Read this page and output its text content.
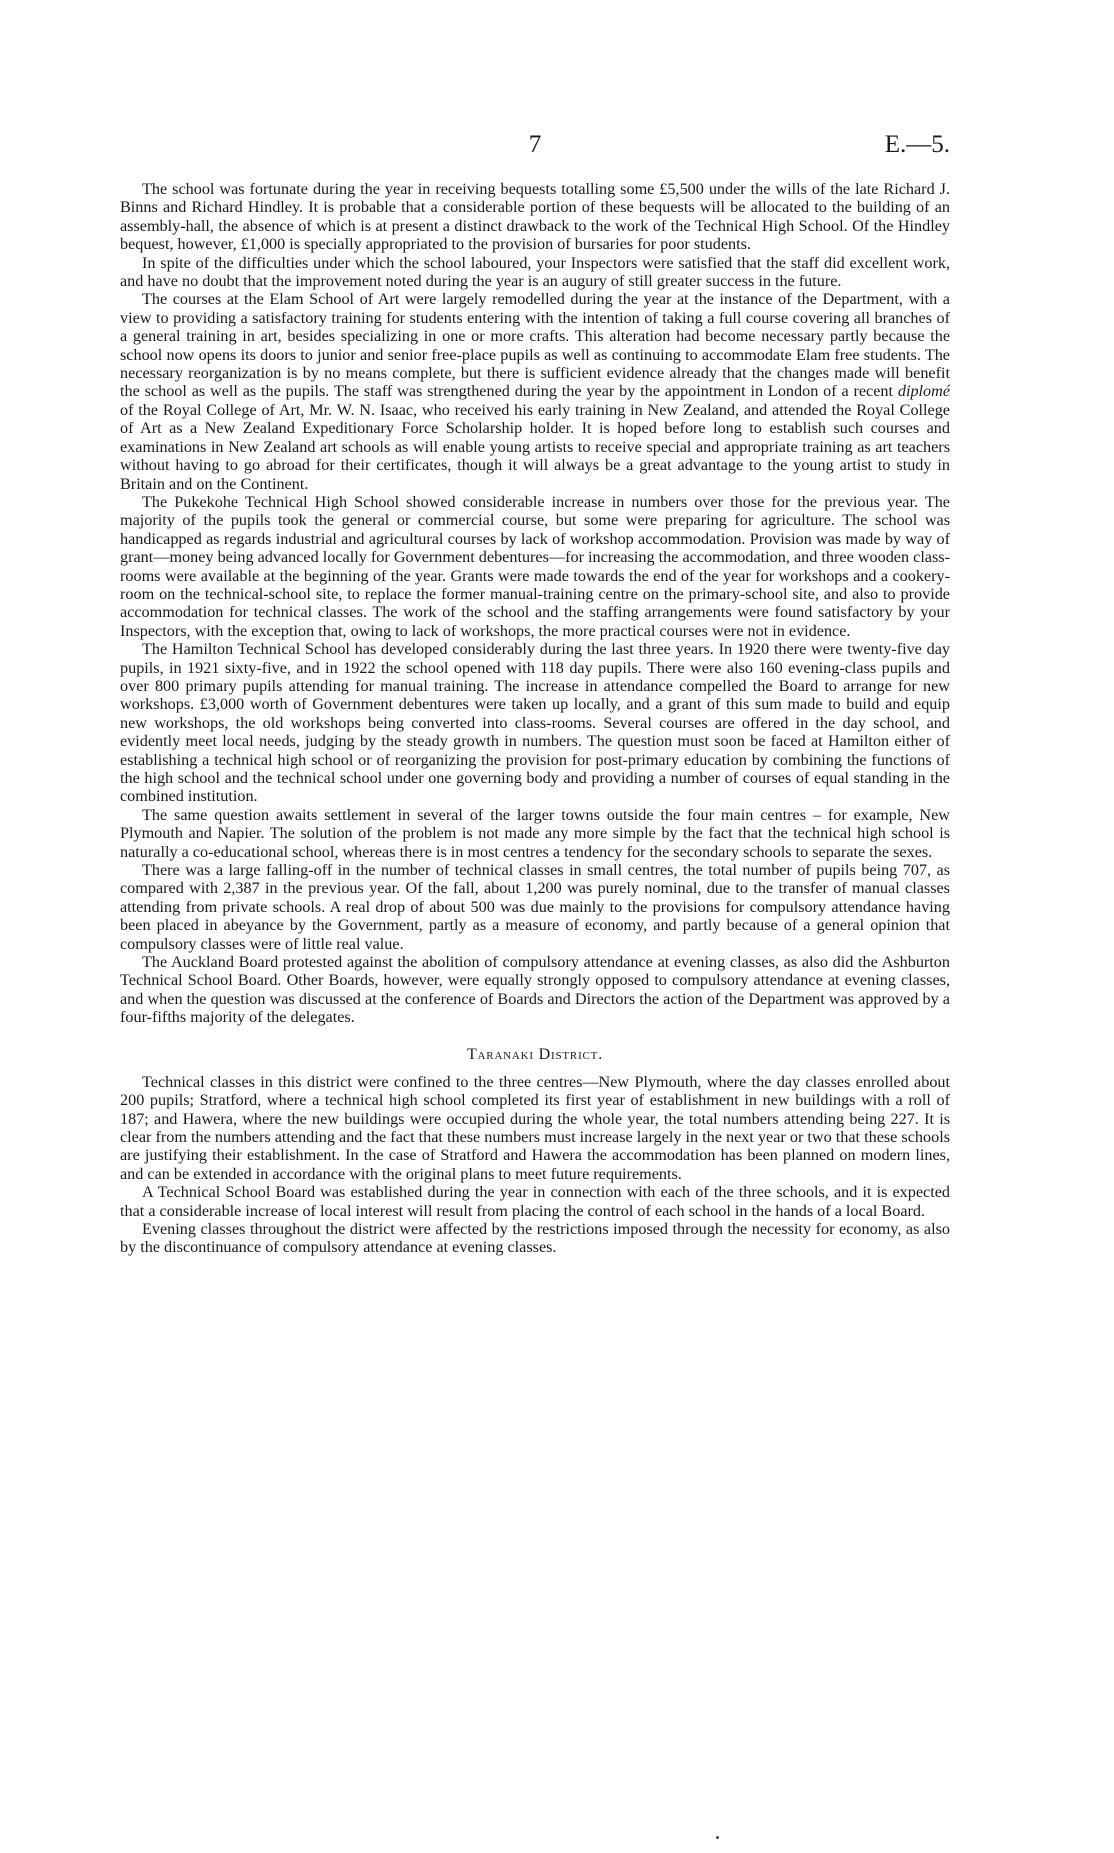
7	E.—5.

The school was fortunate during the year in receiving bequests totalling some £5,500 under the wills of the late Richard J. Binns and Richard Hindley. It is probable that a considerable portion of these bequests will be allocated to the building of an assembly-hall, the absence of which is at present a distinct drawback to the work of the Technical High School. Of the Hindley bequest, however, £1,000 is specially appropriated to the provision of bursaries for poor students.

In spite of the difficulties under which the school laboured, your Inspectors were satisfied that the staff did excellent work, and have no doubt that the improvement noted during the year is an augury of still greater success in the future.

The courses at the Elam School of Art were largely remodelled during the year at the instance of the Department, with a view to providing a satisfactory training for students entering with the intention of taking a full course covering all branches of a general training in art, besides specializing in one or more crafts. This alteration had become necessary partly because the school now opens its doors to junior and senior free-place pupils as well as continuing to accommodate Elam free students. The necessary reorganization is by no means complete, but there is sufficient evidence already that the changes made will benefit the school as well as the pupils. The staff was strengthened during the year by the appointment in London of a recent diplomé of the Royal College of Art, Mr. W. N. Isaac, who received his early training in New Zealand, and attended the Royal College of Art as a New Zealand Expeditionary Force Scholarship holder. It is hoped before long to establish such courses and examinations in New Zealand art schools as will enable young artists to receive special and appropriate training as art teachers without having to go abroad for their certificates, though it will always be a great advantage to the young artist to study in Britain and on the Continent.

The Pukekohe Technical High School showed considerable increase in numbers over those for the previous year. The majority of the pupils took the general or commercial course, but some were preparing for agriculture. The school was handicapped as regards industrial and agricultural courses by lack of workshop accommodation. Provision was made by way of grant—money being advanced locally for Government debentures—for increasing the accommodation, and three wooden class-rooms were available at the beginning of the year. Grants were made towards the end of the year for workshops and a cookery-room on the technical-school site, to replace the former manual-training centre on the primary-school site, and also to provide accommodation for technical classes. The work of the school and the staffing arrangements were found satisfactory by your Inspectors, with the exception that, owing to lack of workshops, the more practical courses were not in evidence.

The Hamilton Technical School has developed considerably during the last three years. In 1920 there were twenty-five day pupils, in 1921 sixty-five, and in 1922 the school opened with 118 day pupils. There were also 160 evening-class pupils and over 800 primary pupils attending for manual training. The increase in attendance compelled the Board to arrange for new workshops. £3,000 worth of Government debentures were taken up locally, and a grant of this sum made to build and equip new workshops, the old workshops being converted into class-rooms. Several courses are offered in the day school, and evidently meet local needs, judging by the steady growth in numbers. The question must soon be faced at Hamilton either of establishing a technical high school or of reorganizing the provision for post-primary education by combining the functions of the high school and the technical school under one governing body and providing a number of courses of equal standing in the combined institution.

The same question awaits settlement in several of the larger towns outside the four main centres – for example, New Plymouth and Napier. The solution of the problem is not made any more simple by the fact that the technical high school is naturally a co-educational school, whereas there is in most centres a tendency for the secondary schools to separate the sexes.

There was a large falling-off in the number of technical classes in small centres, the total number of pupils being 707, as compared with 2,387 in the previous year. Of the fall, about 1,200 was purely nominal, due to the transfer of manual classes attending from private schools. A real drop of about 500 was due mainly to the provisions for compulsory attendance having been placed in abeyance by the Government, partly as a measure of economy, and partly because of a general opinion that compulsory classes were of little real value.

The Auckland Board protested against the abolition of compulsory attendance at evening classes, as also did the Ashburton Technical School Board. Other Boards, however, were equally strongly opposed to compulsory attendance at evening classes, and when the question was discussed at the conference of Boards and Directors the action of the Department was approved by a four-fifths majority of the delegates.

Taranaki District.

Technical classes in this district were confined to the three centres—New Plymouth, where the day classes enrolled about 200 pupils; Stratford, where a technical high school completed its first year of establishment in new buildings with a roll of 187; and Hawera, where the new buildings were occupied during the whole year, the total numbers attending being 227. It is clear from the numbers attending and the fact that these numbers must increase largely in the next year or two that these schools are justifying their establishment. In the case of Stratford and Hawera the accommodation has been planned on modern lines, and can be extended in accordance with the original plans to meet future requirements.

A Technical School Board was established during the year in connection with each of the three schools, and it is expected that a considerable increase of local interest will result from placing the control of each school in the hands of a local Board.

Evening classes throughout the district were affected by the restrictions imposed through the necessity for economy, as also by the discontinuance of compulsory attendance at evening classes.
